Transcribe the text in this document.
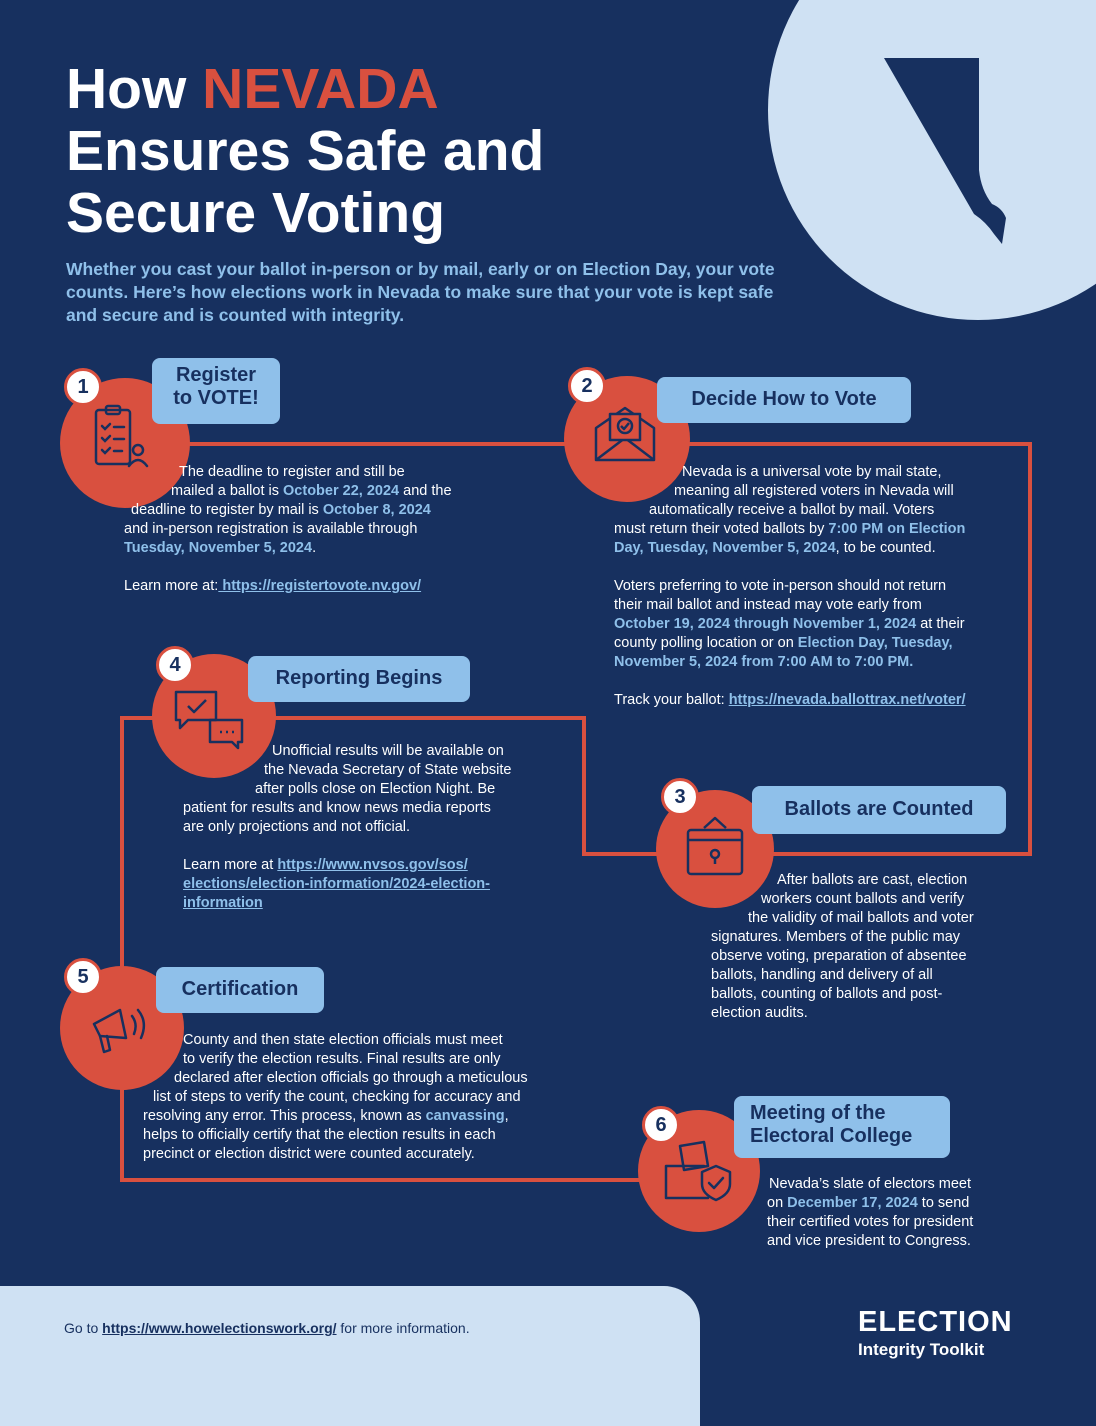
How NEVADA
Ensures Safe and
Secure Voting
Whether you cast your ballot in-person or by mail, early or on Election Day, your vote counts. Here’s how elections work in Nevada to make sure that your vote is kept safe and secure and is counted with integrity.
1
Register
to VOTE!

The deadline to register and still be

mailed a ballot is October 22, 2024 and the

deadline to register by mail is October 8, 2024

and in-person registration is available through

Tuesday, November 5, 2024.

Learn more at: https://registertovote.nv.gov/

2
Decide How to Vote

Nevada is a universal vote by mail state,

meaning all registered voters in Nevada will

automatically receive a ballot by mail. Voters

must return their voted ballots by 7:00 PM on Election

Day, Tuesday, November 5, 2024, to be counted.

Voters preferring to vote in-person should not return

their mail ballot and instead may vote early from

October 19, 2024 through November 1, 2024 at their

county polling location or on Election Day, Tuesday,

November 5, 2024 from 7:00 AM to 7:00 PM.

Track your ballot: https://nevada.ballottrax.net/voter/

4
Reporting Begins

Unofficial results will be available on

the Nevada Secretary of State website

after polls close on Election Night. Be

patient for results and know news media reports

are only projections and not official.

Learn more at https://www.nvsos.gov/sos/

elections/election-information/2024-election-

information

3
Ballots are Counted

After ballots are cast, election

workers count ballots and verify

the validity of mail ballots and voter

signatures. Members of the public may

observe voting, preparation of absentee

ballots, handling and delivery of all

ballots, counting of ballots and post-

election audits.

5
Certification

County and then state election officials must meet

to verify the election results. Final results are only

declared after election officials go through a meticulous

list of steps to verify the count, checking for accuracy and

resolving any error. This process, known as canvassing,

helps to officially certify that the election results in each

precinct or election district were counted accurately.

6
Meeting of the
Electoral College

Nevada’s slate of electors meet

on December 17, 2024 to send

their certified votes for president

and vice president to Congress.

Go to https://www.howelectionswork.org/ for more information.	ELECTION
Integrity Toolkit
